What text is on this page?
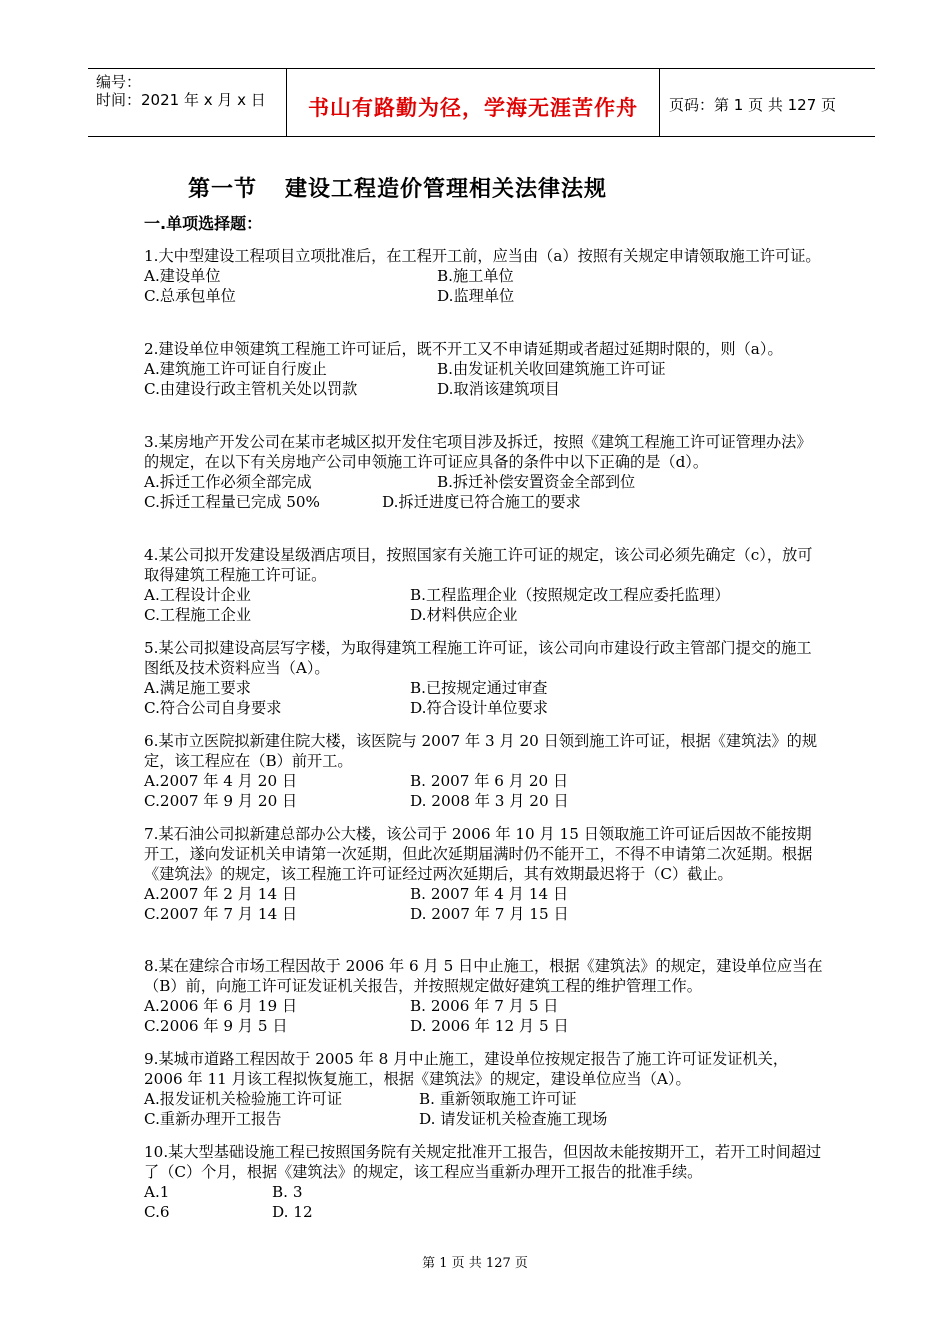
编号：
时间：2021 年 x 月 x 日	书山有路勤为径，学海无涯苦作舟	页码：第 1 页 共 127 页
第一节 建设工程造价管理相关法律法规
一.单项选择题：

1.大中型建设工程项目立项批准后，在工程开工前，应当由（a）按照有关规定申请领取施工许可证。

A.建设单位	B.施工单位
C.总承包单位	D.监理单位

2.建设单位申领建筑工程施工许可证后，既不开工又不申请延期或者超过延期时限的，则（a）。

A.建筑施工许可证自行废止	B.由发证机关收回建筑施工许可证
C.由建设行政主管机关处以罚款	D.取消该建筑项目

3.某房地产开发公司在某市老城区拟开发住宅项目涉及拆迁，按照《建筑工程施工许可证管理办法》的规定，在以下有关房地产公司申领施工许可证应具备的条件中以下正确的是（d）。

A.拆迁工作必须全部完成	B.拆迁补偿安置资金全部到位
C.拆迁工程量已完成 50%	D.拆迁进度已符合施工的要求

4.某公司拟开发建设星级酒店项目，按照国家有关施工许可证的规定，该公司必须先确定（c），放可取得建筑工程施工许可证。

A.工程设计企业	B.工程监理企业（按照规定改工程应委托监理）
C.工程施工企业	D.材料供应企业

5.某公司拟建设高层写字楼，为取得建筑工程施工许可证，该公司向市建设行政主管部门提交的施工图纸及技术资料应当（A）。

A.满足施工要求	B.已按规定通过审查
C.符合公司自身要求	D.符合设计单位要求

6.某市立医院拟新建住院大楼，该医院与 2007 年 3 月 20 日领到施工许可证，根据《建筑法》的规定，该工程应在（B）前开工。

A.2007 年 4 月 20 日	B. 2007 年 6 月 20 日
C.2007 年 9 月 20 日	D. 2008 年 3 月 20 日

7.某石油公司拟新建总部办公大楼，该公司于 2006 年 10 月 15 日领取施工许可证后因故不能按期开工，遂向发证机关申请第一次延期，但此次延期届满时仍不能开工，不得不申请第二次延期。根据《建筑法》的规定，该工程施工许可证经过两次延期后，其有效期最迟将于（C）截止。

A.2007 年 2 月 14 日	B. 2007 年 4 月 14 日
C.2007 年 7 月 14 日	D. 2007 年 7 月 15 日

8.某在建综合市场工程因故于 2006 年 6 月 5 日中止施工，根据《建筑法》的规定，建设单位应当在（B）前，向施工许可证发证机关报告，并按照规定做好建筑工程的维护管理工作。

A.2006 年 6 月 19 日	B. 2006 年 7 月 5 日
C.2006 年 9 月 5 日	D. 2006 年 12 月 5 日

9.某城市道路工程因故于 2005 年 8 月中止施工，建设单位按规定报告了施工许可证发证机关，2006 年 11 月该工程拟恢复施工，根据《建筑法》的规定，建设单位应当（A）。

A.报发证机关检验施工许可证	B. 重新领取施工许可证
C.重新办理开工报告	D. 请发证机关检查施工现场

10.某大型基础设施工程已按照国务院有关规定批准开工报告，但因故未能按期开工，若开工时间超过了（C）个月，根据《建筑法》的规定，该工程应当重新办理开工报告的批准手续。

A.1	B. 3
C.6	D. 12
第 1 页 共 127 页
